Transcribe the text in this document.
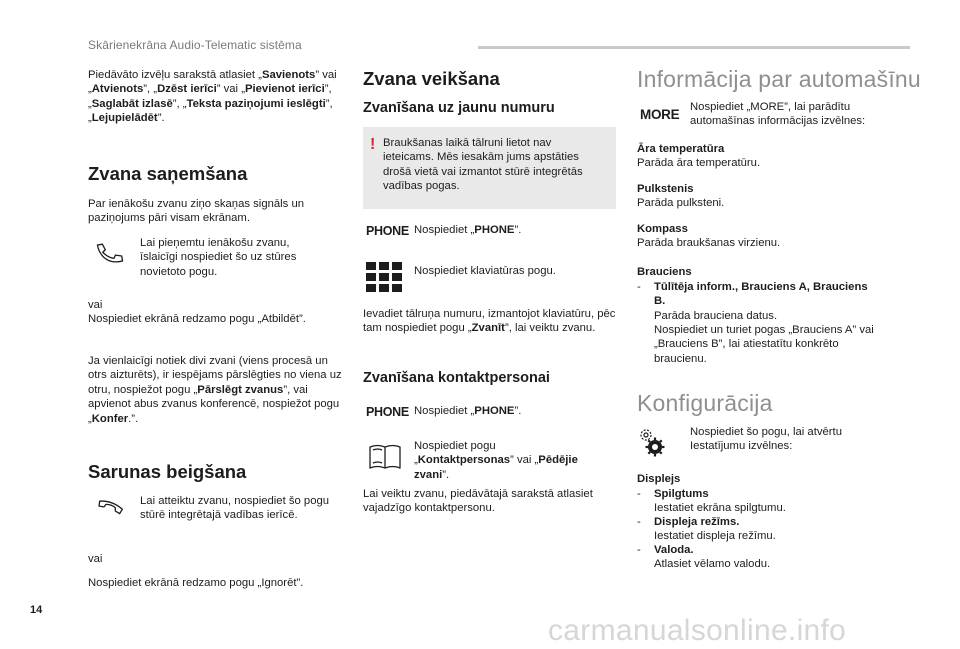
Skārienekrāna Audio-Telematic sistēma

Piedāvāto izvēļu sarakstā atlasiet „Savienots” vai „Atvienots”, „Dzēst ierīci” vai „Pievienot ierīci”, „Saglabāt izlasē”, „Teksta paziņojumi ieslēgti”, „Lejupielādēt”.

Zvana saņemšana

Par ienākošu zvanu ziņo skaņas signāls un paziņojums pāri visam ekrānam.

Lai pieņemtu ienākošu zvanu, īslaicīgi nospiediet šo uz stūres novietoto pogu.

vai

Nospiediet ekrānā redzamo pogu „Atbildēt”.

Ja vienlaicīgi notiek divi zvani (viens procesā un otrs aizturēts), ir iespējams pārslēgties no viena uz otru, nospiežot pogu „Pārslēgt zvanus”, vai apvienot abus zvanus konferencē, nospiežot pogu „Konfer.”.

Sarunas beigšana

Lai atteiktu zvanu, nospiediet šo pogu stūrē integrētajā vadības ierīcē.

vai

Nospiediet ekrānā redzamo pogu „Ignorēt”.

Zvana veikšana
Zvanīšana uz jaunu numuru
! Braukšanas laikā tālruni lietot nav ieteicams. Mēs iesakām jums apstāties drošā vietā vai izmantot stūrē integrētās vadības pogas.

PHONE Nospiediet „PHONE”.

Nospiediet klaviatūras pogu.

Ievadiet tālruņa numuru, izmantojot klaviatūru, pēc tam nospiediet pogu „Zvanīt”, lai veiktu zvanu.

Zvanīšana kontaktpersonai
PHONE Nospiediet „PHONE”.

Nospiediet pogu „Kontaktpersonas” vai „Pēdējie zvani”.

Lai veiktu zvanu, piedāvātajā sarakstā atlasiet vajadzīgo kontaktpersonu.

Informācija par automašīnu
MORE Nospiediet „MORE”, lai parādītu automašīnas informācijas izvēlnes:

Āra temperatūra

Parāda āra temperatūru.

Pulkstenis

Parāda pulksteni.

Kompass

Parāda braukšanas virzienu.

Brauciens

- Tūlītēja inform., Brauciens A, Brauciens B.

Parāda brauciena datus.

Nospiediet un turiet pogas „Brauciens A” vai „Brauciens B”, lai atiestatītu konkrēto braucienu.

Konfigurācija

Nospiediet šo pogu, lai atvērtu Iestatījumu izvēlnes:

Displejs

- Spilgtums

Iestatiet ekrāna spilgtumu.

- Displeja režīms.

Iestatiet displeja režīmu.

- Valoda.

Atlasiet vēlamo valodu.

14
carmanualsonline.info
